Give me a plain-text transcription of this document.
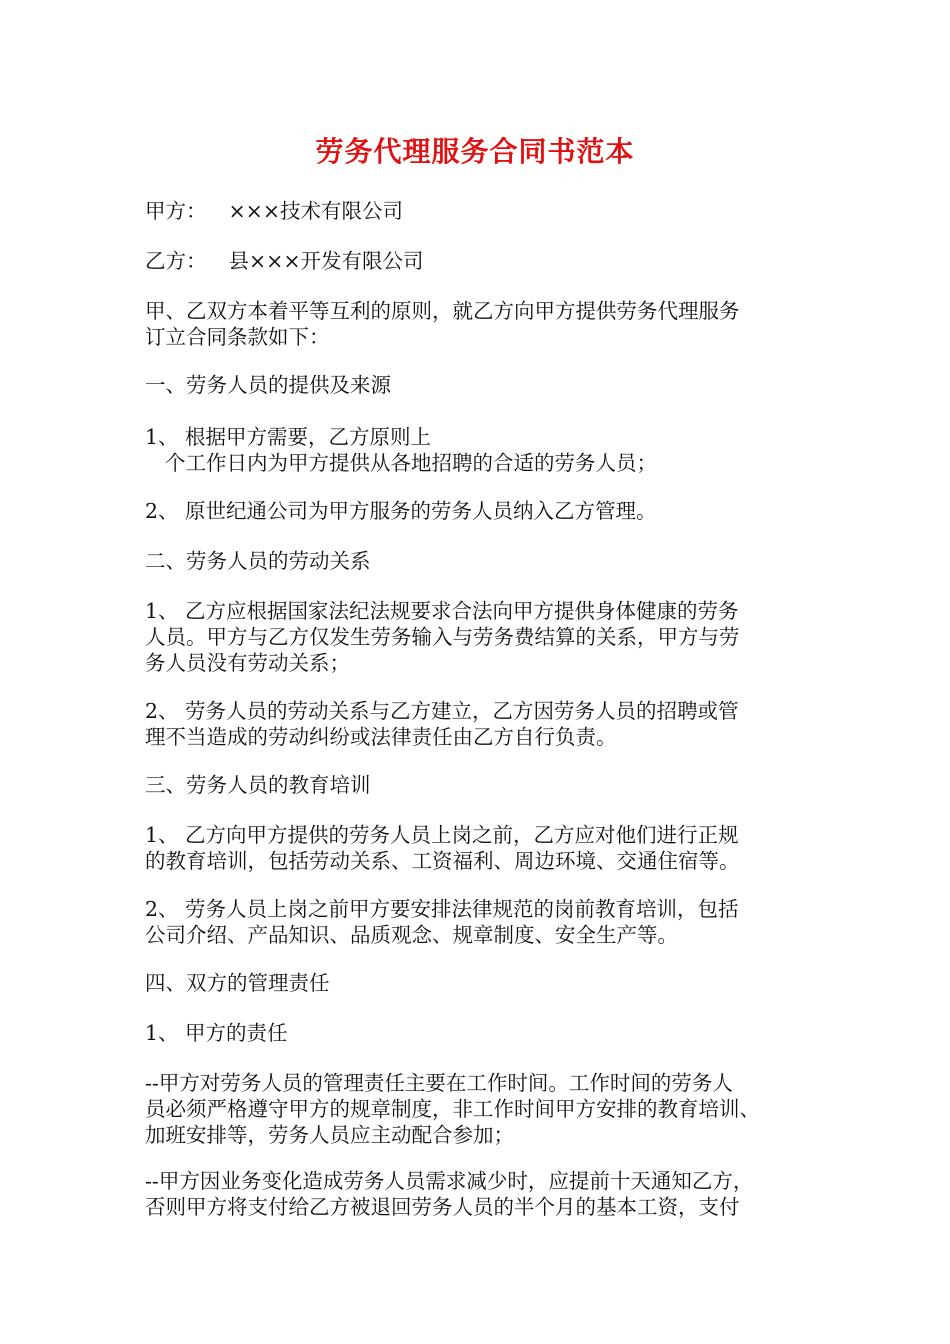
劳务代理服务合同书范本
甲方： ×××技术有限公司
乙方： 县×××开发有限公司
甲、乙双方本着平等互利的原则，就乙方向甲方提供劳务代理服务
订立合同条款如下：
一、劳务人员的提供及来源
1、 根据甲方需要，乙方原则上
个工作日内为甲方提供从各地招聘的合适的劳务人员；
2、 原世纪通公司为甲方服务的劳务人员纳入乙方管理。
二、劳务人员的劳动关系
1、 乙方应根据国家法纪法规要求合法向甲方提供身体健康的劳务
人员。甲方与乙方仅发生劳务输入与劳务费结算的关系，甲方与劳
务人员没有劳动关系；
2、 劳务人员的劳动关系与乙方建立，乙方因劳务人员的招聘或管
理不当造成的劳动纠纷或法律责任由乙方自行负责。
三、劳务人员的教育培训
1、 乙方向甲方提供的劳务人员上岗之前，乙方应对他们进行正规
的教育培训，包括劳动关系、工资福利、周边环境、交通住宿等。
2、 劳务人员上岗之前甲方要安排法律规范的岗前教育培训，包括
公司介绍、产品知识、品质观念、规章制度、安全生产等。
四、双方的管理责任
1、 甲方的责任
--甲方对劳务人员的管理责任主要在工作时间。工作时间的劳务人
员必须严格遵守甲方的规章制度，非工作时间甲方安排的教育培训、
加班安排等，劳务人员应主动配合参加；
--甲方因业务变化造成劳务人员需求减少时，应提前十天通知乙方，
否则甲方将支付给乙方被退回劳务人员的半个月的基本工资，支付
